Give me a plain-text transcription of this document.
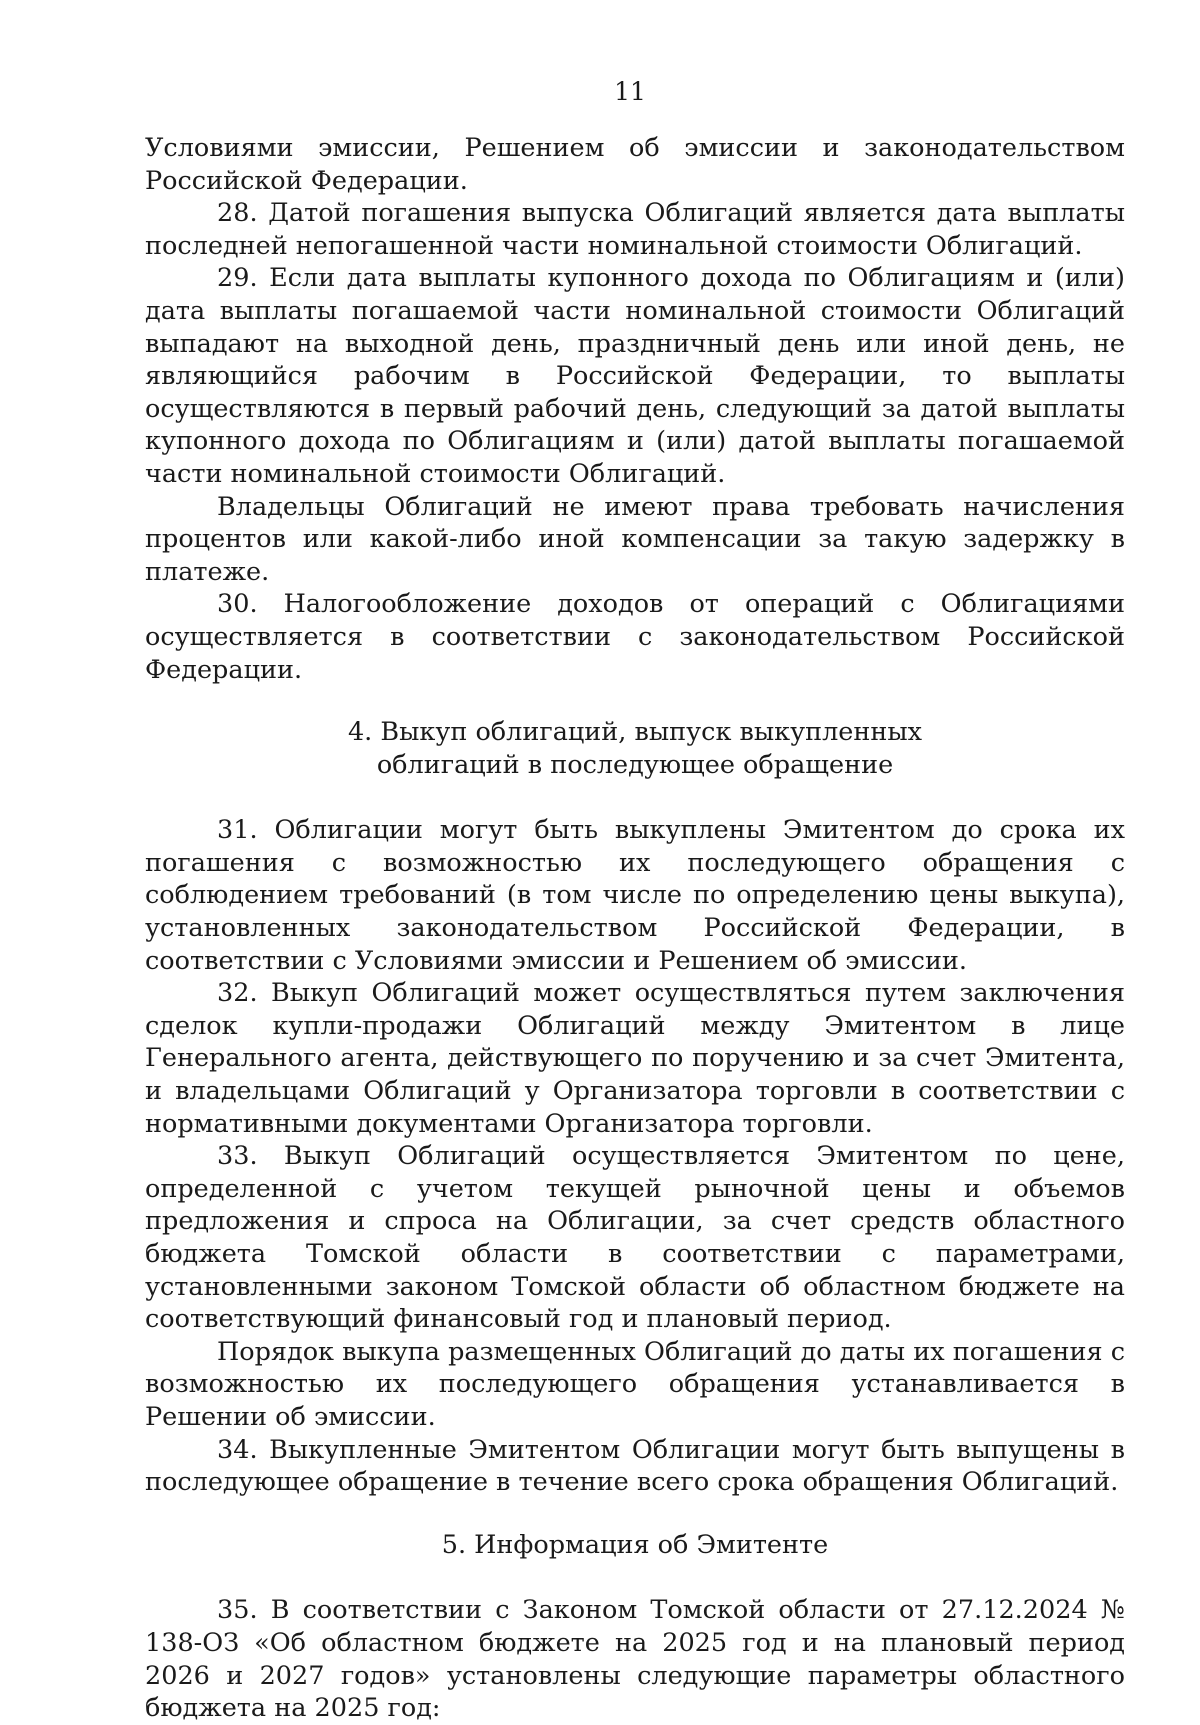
11

Условиями эмиссии, Решением об эмиссии и законодательством Российской Федерации.

28. Датой погашения выпуска Облигаций является дата выплаты последней непогашенной части номинальной стоимости Облигаций.

29. Если дата выплаты купонного дохода по Облигациям и (или) дата выплаты погашаемой части номинальной стоимости Облигаций выпадают на выходной день, праздничный день или иной день, не являющийся рабочим в Российской Федерации, то выплаты осуществляются в первый рабочий день, следующий за датой выплаты купонного дохода по Облигациям и (или) датой выплаты погашаемой части номинальной стоимости Облигаций.

Владельцы Облигаций не имеют права требовать начисления процентов или какой-либо иной компенсации за такую задержку в платеже.

30. Налогообложение доходов от операций с Облигациями осуществляется в соответствии с законодательством Российской Федерации.

4. Выкуп облигаций, выпуск выкупленных
облигаций в последующее обращение

31. Облигации могут быть выкуплены Эмитентом до срока их погашения с возможностью их последующего обращения с соблюдением требований (в том числе по определению цены выкупа), установленных законодательством Российской Федерации, в соответствии с Условиями эмиссии и Решением об эмиссии.

32. Выкуп Облигаций может осуществляться путем заключения сделок купли-продажи Облигаций между Эмитентом в лице Генерального агента, действующего по поручению и за счет Эмитента, и владельцами Облигаций у Организатора торговли в соответствии с нормативными документами Организатора торговли.

33. Выкуп Облигаций осуществляется Эмитентом по цене, определенной с учетом текущей рыночной цены и объемов предложения и спроса на Облигации, за счет средств областного бюджета Томской области в соответствии с параметрами, установленными законом Томской области об областном бюджете на соответствующий финансовый год и плановый период.

Порядок выкупа размещенных Облигаций до даты их погашения с возможностью их последующего обращения устанавливается в Решении об эмиссии.

34. Выкупленные Эмитентом Облигации могут быть выпущены в последующее обращение в течение всего срока обращения Облигаций.

5. Информация об Эмитенте

35. В соответствии с Законом Томской области от 27.12.2024 № 138-ОЗ «Об областном бюджете на 2025 год и на плановый период 2026 и 2027 годов» установлены следующие параметры областного бюджета на 2025 год:
